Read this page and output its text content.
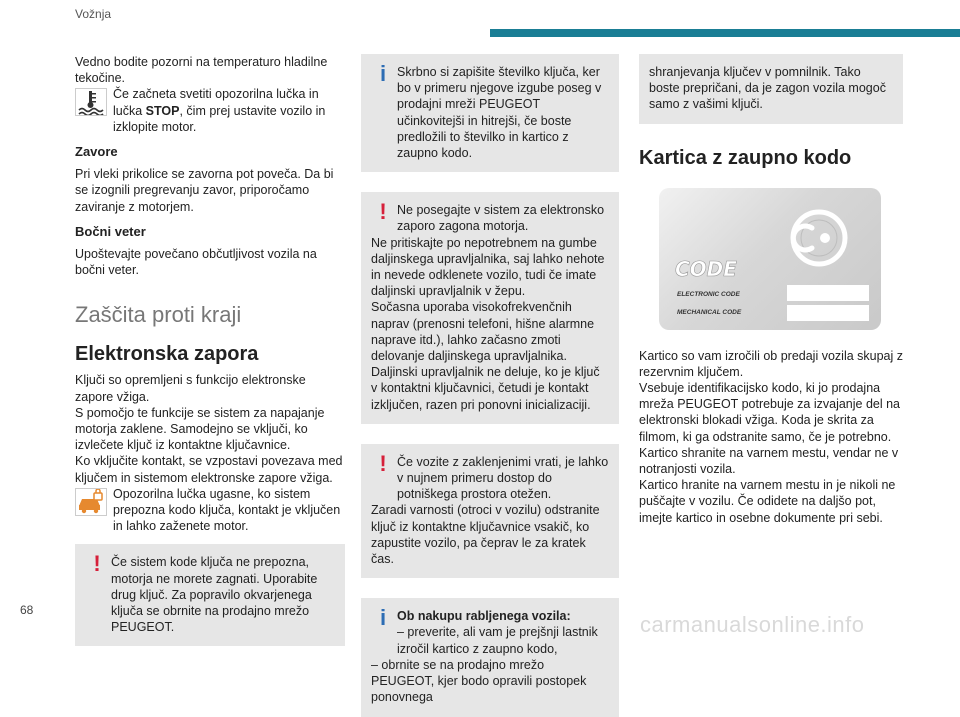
Vožnja

Vedno bodite pozorni na temperaturo hladilne tekočine.

Če začneta svetiti opozorilna lučka in lučka STOP, čim prej ustavite vozilo in izklopite motor.

Zavore

Pri vleki prikolice se zavorna pot poveča. Da bi se izognili pregrevanju zavor, priporočamo zaviranje z motorjem.

Bočni veter

Upoštevajte povečano občutljivost vozila na bočni veter.

Zaščita proti kraji
Elektronska zapora

Ključi so opremljeni s funkcijo elektronske zapore vžiga.

S pomočjo te funkcije se sistem za napajanje motorja zaklene. Samodejno se vključi, ko izvlečete ključ iz kontaktne ključavnice.

Ko vključite kontakt, se vzpostavi povezava med ključem in sistemom elektronske zapore vžiga.

Opozorilna lučka ugasne, ko sistem prepozna kodo ključa, kontakt je vključen in lahko zaženete motor.

! Če sistem kode ključa ne prepozna, motorja ne morete zagnati. Uporabite drug ključ. Za popravilo okvarjenega ključa se obrnite na prodajno mrežo PEUGEOT.

i Skrbno si zapišite številko ključa, ker bo v primeru njegove izgube poseg v prodajni mreži PEUGEOT učinkovitejši in hitrejši, če boste predložili to številko in kartico z zaupno kodo.

! Ne posegajte v sistem za elektronsko zaporo zagona motorja.

Ne pritiskajte po nepotrebnem na gumbe daljinskega upravljalnika, saj lahko nehote in nevede odklenete vozilo, tudi če imate daljinski upravljalnik v žepu.

Sočasna uporaba visokofrekvenčnih naprav (prenosni telefoni, hišne alarmne naprave itd.), lahko začasno zmoti delovanje daljinskega upravljalnika.

Daljinski upravljalnik ne deluje, ko je ključ v kontaktni ključavnici, četudi je kontakt izključen, razen pri ponovni inicializaciji.

! Če vozite z zaklenjenimi vrati, je lahko v nujnem primeru dostop do potniškega prostora otežen.

Zaradi varnosti (otroci v vozilu) odstranite ključ iz kontaktne ključavnice vsakič, ko zapustite vozilo, pa čeprav le za kratek čas.

i Ob nakupu rabljenega vozila:

– preverite, ali vam je prejšnji lastnik izročil kartico z zaupno kodo,

– obrnite se na prodajno mrežo PEUGEOT, kjer bodo opravili postopek ponovnega

shranjevanja ključev v pomnilnik. Tako boste prepričani, da je zagon vozila mogoč samo z vašimi ključi.

Kartica z zaupno kodo
CODE
ELECTRONIC CODE
MECHANICAL CODE

Kartico so vam izročili ob predaji vozila skupaj z rezervnim ključem.

Vsebuje identifikacijsko kodo, ki jo prodajna mreža PEUGEOT potrebuje za izvajanje del na elektronski blokadi vžiga. Koda je skrita za filmom, ki ga odstranite samo, če je potrebno.

Kartico shranite na varnem mestu, vendar ne v notranjosti vozila.

Kartico hranite na varnem mestu in je nikoli ne puščajte v vozilu. Če odidete na daljšo pot, imejte kartico in osebne dokumente pri sebi.

68
carmanualsonline.info
